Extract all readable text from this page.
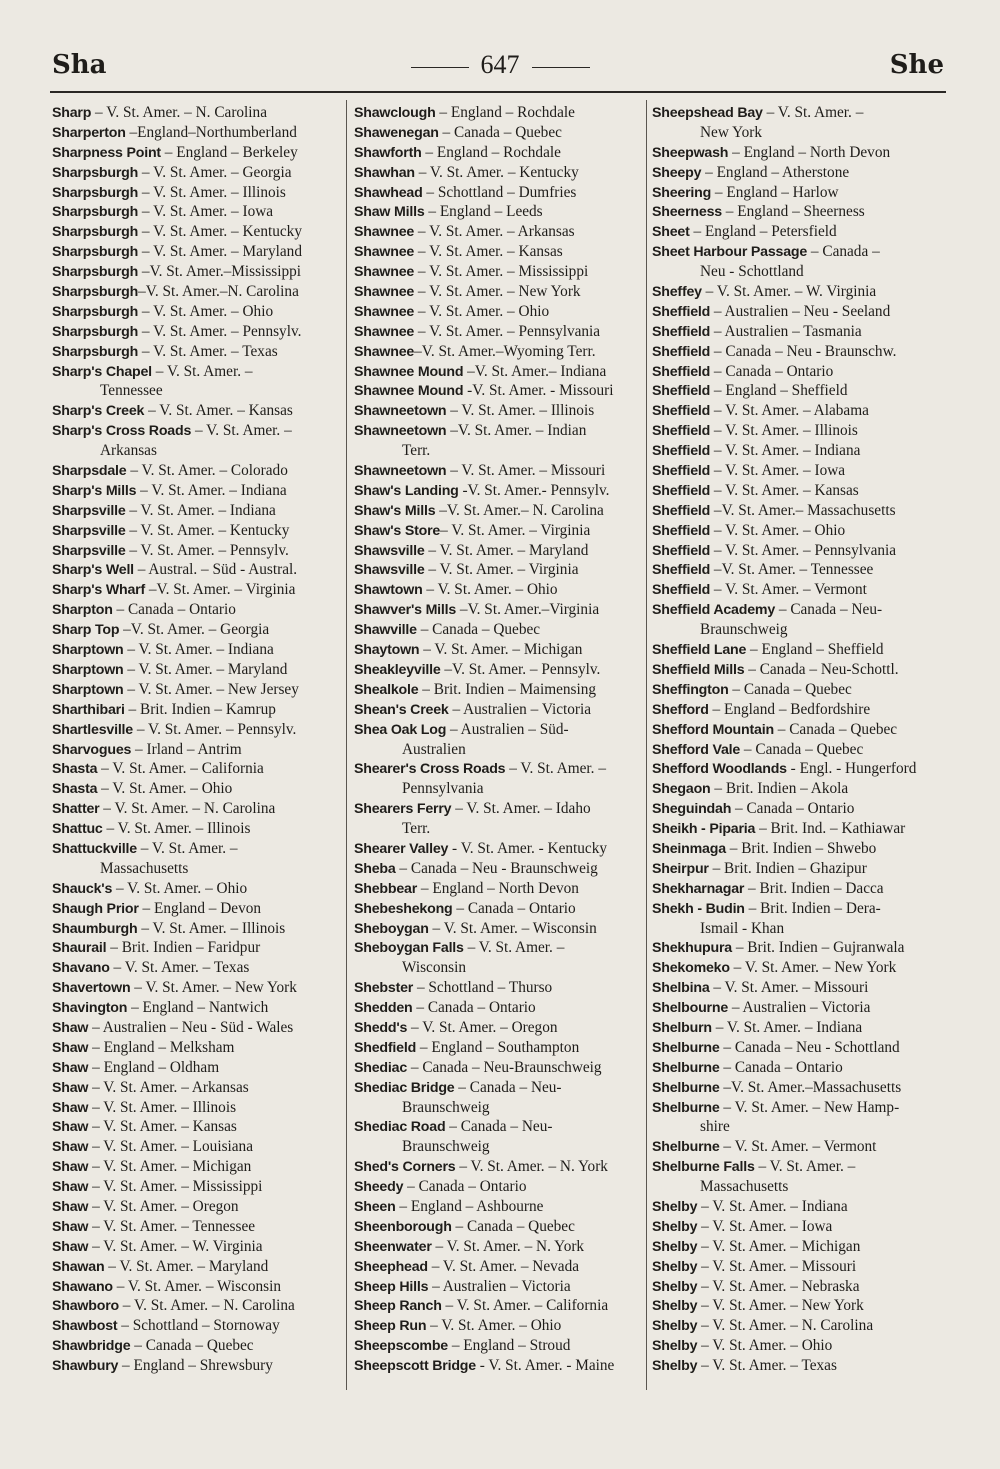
Sha	647	She
Sharp – V. St. Amer. – N. Carolina
Sharperton –England–Northumberland
Sharpness Point – England – Berkeley
Sharpsburgh – V. St. Amer. – Georgia
Sharpsburgh – V. St. Amer. – Illinois
Sharpsburgh – V. St. Amer. – Iowa
Sharpsburgh – V. St. Amer. – Kentucky
Sharpsburgh – V. St. Amer. – Maryland
Sharpsburgh –V. St. Amer.–Mississippi
Sharpsburgh–V. St. Amer.–N. Carolina
Sharpsburgh – V. St. Amer. – Ohio
Sharpsburgh – V. St. Amer. – Pennsylv.
Sharpsburgh – V. St. Amer. – Texas
Sharp's Chapel – V. St. Amer. –
Tennessee
Sharp's Creek – V. St. Amer. – Kansas
Sharp's Cross Roads – V. St. Amer. –
Arkansas
Sharpsdale – V. St. Amer. – Colorado
Sharp's Mills – V. St. Amer. – Indiana
Sharpsville – V. St. Amer. – Indiana
Sharpsville – V. St. Amer. – Kentucky
Sharpsville – V. St. Amer. – Pennsylv.
Sharp's Well – Austral. – Süd - Austral.
Sharp's Wharf –V. St. Amer. – Virginia
Sharpton – Canada – Ontario
Sharp Top –V. St. Amer. – Georgia
Sharptown – V. St. Amer. – Indiana
Sharptown – V. St. Amer. – Maryland
Sharptown – V. St. Amer. – New Jersey
Sharthibari – Brit. Indien – Kamrup
Shartlesville – V. St. Amer. – Pennsylv.
Sharvogues – Irland – Antrim
Shasta – V. St. Amer. – California
Shasta – V. St. Amer. – Ohio
Shatter – V. St. Amer. – N. Carolina
Shattuc – V. St. Amer. – Illinois
Shattuckville – V. St. Amer. –
Massachusetts
Shauck's – V. St. Amer. – Ohio
Shaugh Prior – England – Devon
Shaumburgh – V. St. Amer. – Illinois
Shaurail – Brit. Indien – Faridpur
Shavano – V. St. Amer. – Texas
Shavertown – V. St. Amer. – New York
Shavington – England – Nantwich
Shaw – Australien – Neu - Süd - Wales
Shaw – England – Melksham
Shaw – England – Oldham
Shaw – V. St. Amer. – Arkansas
Shaw – V. St. Amer. – Illinois
Shaw – V. St. Amer. – Kansas
Shaw – V. St. Amer. – Louisiana
Shaw – V. St. Amer. – Michigan
Shaw – V. St. Amer. – Mississippi
Shaw – V. St. Amer. – Oregon
Shaw – V. St. Amer. – Tennessee
Shaw – V. St. Amer. – W. Virginia
Shawan – V. St. Amer. – Maryland
Shawano – V. St. Amer. – Wisconsin
Shawboro – V. St. Amer. – N. Carolina
Shawbost – Schottland – Stornoway
Shawbridge – Canada – Quebec
Shawbury – England – Shrewsbury
Shawclough – England – Rochdale
Shawenegan – Canada – Quebec
Shawforth – England – Rochdale
Shawhan – V. St. Amer. – Kentucky
Shawhead – Schottland – Dumfries
Shaw Mills – England – Leeds
Shawnee – V. St. Amer. – Arkansas
Shawnee – V. St. Amer. – Kansas
Shawnee – V. St. Amer. – Mississippi
Shawnee – V. St. Amer. – New York
Shawnee – V. St. Amer. – Ohio
Shawnee – V. St. Amer. – Pennsylvania
Shawnee–V. St. Amer.–Wyoming Terr.
Shawnee Mound –V. St. Amer.– Indiana
Shawnee Mound -V. St. Amer. - Missouri
Shawneetown – V. St. Amer. – Illinois
Shawneetown –V. St. Amer. – Indian
Terr.
Shawneetown – V. St. Amer. – Missouri
Shaw's Landing -V. St. Amer.- Pennsylv.
Shaw's Mills –V. St. Amer.– N. Carolina
Shaw's Store– V. St. Amer. – Virginia
Shawsville – V. St. Amer. – Maryland
Shawsville – V. St. Amer. – Virginia
Shawtown – V. St. Amer. – Ohio
Shawver's Mills –V. St. Amer.–Virginia
Shawville – Canada – Quebec
Shaytown – V. St. Amer. – Michigan
Sheakleyville –V. St. Amer. – Pennsylv.
Shealkole – Brit. Indien – Maimensing
Shean's Creek – Australien – Victoria
Shea Oak Log – Australien – Süd-
Australien
Shearer's Cross Roads – V. St. Amer. –
Pennsylvania
Shearers Ferry – V. St. Amer. – Idaho
Terr.
Shearer Valley - V. St. Amer. - Kentucky
Sheba – Canada – Neu - Braunschweig
Shebbear – England – North Devon
Shebeshekong – Canada – Ontario
Sheboygan – V. St. Amer. – Wisconsin
Sheboygan Falls – V. St. Amer. –
Wisconsin
Shebster – Schottland – Thurso
Shedden – Canada – Ontario
Shedd's – V. St. Amer. – Oregon
Shedfield – England – Southampton
Shediac – Canada – Neu-Braunschweig
Shediac Bridge – Canada – Neu-
Braunschweig
Shediac Road – Canada – Neu-
Braunschweig
Shed's Corners – V. St. Amer. – N. York
Sheedy – Canada – Ontario
Sheen – England – Ashbourne
Sheenborough – Canada – Quebec
Sheenwater – V. St. Amer. – N. York
Sheephead – V. St. Amer. – Nevada
Sheep Hills – Australien – Victoria
Sheep Ranch – V. St. Amer. – California
Sheep Run – V. St. Amer. – Ohio
Sheepscombe – England – Stroud
Sheepscott Bridge - V. St. Amer. - Maine
Sheepshead Bay – V. St. Amer. –
New York
Sheepwash – England – North Devon
Sheepy – England – Atherstone
Sheering – England – Harlow
Sheerness – England – Sheerness
Sheet – England – Petersfield
Sheet Harbour Passage – Canada –
Neu - Schottland
Sheffey – V. St. Amer. – W. Virginia
Sheffield – Australien – Neu - Seeland
Sheffield – Australien – Tasmania
Sheffield – Canada – Neu - Braunschw.
Sheffield – Canada – Ontario
Sheffield – England – Sheffield
Sheffield – V. St. Amer. – Alabama
Sheffield – V. St. Amer. – Illinois
Sheffield – V. St. Amer. – Indiana
Sheffield – V. St. Amer. – Iowa
Sheffield – V. St. Amer. – Kansas
Sheffield –V. St. Amer.– Massachusetts
Sheffield – V. St. Amer. – Ohio
Sheffield – V. St. Amer. – Pennsylvania
Sheffield –V. St. Amer. – Tennessee
Sheffield – V. St. Amer. – Vermont
Sheffield Academy – Canada – Neu-
Braunschweig
Sheffield Lane – England – Sheffield
Sheffield Mills – Canada – Neu-Schottl.
Sheffington – Canada – Quebec
Shefford – England – Bedfordshire
Shefford Mountain – Canada – Quebec
Shefford Vale – Canada – Quebec
Shefford Woodlands - Engl. - Hungerford
Shegaon – Brit. Indien – Akola
Sheguindah – Canada – Ontario
Sheikh - Piparia – Brit. Ind. – Kathiawar
Sheinmaga – Brit. Indien – Shwebo
Sheirpur – Brit. Indien – Ghazipur
Shekharnagar – Brit. Indien – Dacca
Shekh - Budin – Brit. Indien – Dera-
Ismail - Khan
Shekhupura – Brit. Indien – Gujranwala
Shekomeko – V. St. Amer. – New York
Shelbina – V. St. Amer. – Missouri
Shelbourne – Australien – Victoria
Shelburn – V. St. Amer. – Indiana
Shelburne – Canada – Neu - Schottland
Shelburne – Canada – Ontario
Shelburne –V. St. Amer.–Massachusetts
Shelburne – V. St. Amer. – New Hamp-
shire
Shelburne – V. St. Amer. – Vermont
Shelburne Falls – V. St. Amer. –
Massachusetts
Shelby – V. St. Amer. – Indiana
Shelby – V. St. Amer. – Iowa
Shelby – V. St. Amer. – Michigan
Shelby – V. St. Amer. – Missouri
Shelby – V. St. Amer. – Nebraska
Shelby – V. St. Amer. – New York
Shelby – V. St. Amer. – N. Carolina
Shelby – V. St. Amer. – Ohio
Shelby – V. St. Amer. – Texas
